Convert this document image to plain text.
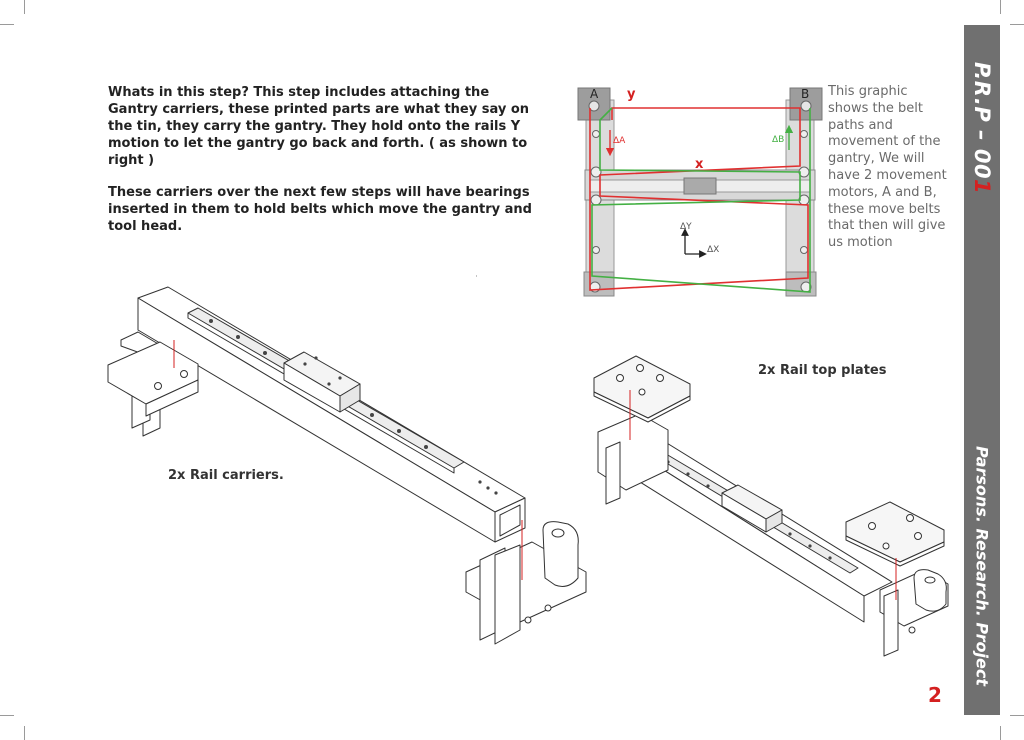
Whats in this step? This step includes attaching the Gantry carriers, these printed parts are what they say on the tin, they carry the gantry. They hold onto the rails Y motion to let the gantry go back and forth. ( as shown to right )
These carriers over the next few steps will have bearings inserted in them to hold belts which move the gantry and tool head.
This graphic shows the belt paths and movement of the gantry, We will have 2 movement motors, A and B, these move belts that then will give us motion
P.R.P – 001
Parsons. Research. Project
2
2x Rail carriers.
2x Rail top plates
A	B
y
x
ΔA	ΔB
ΔY
ΔX
